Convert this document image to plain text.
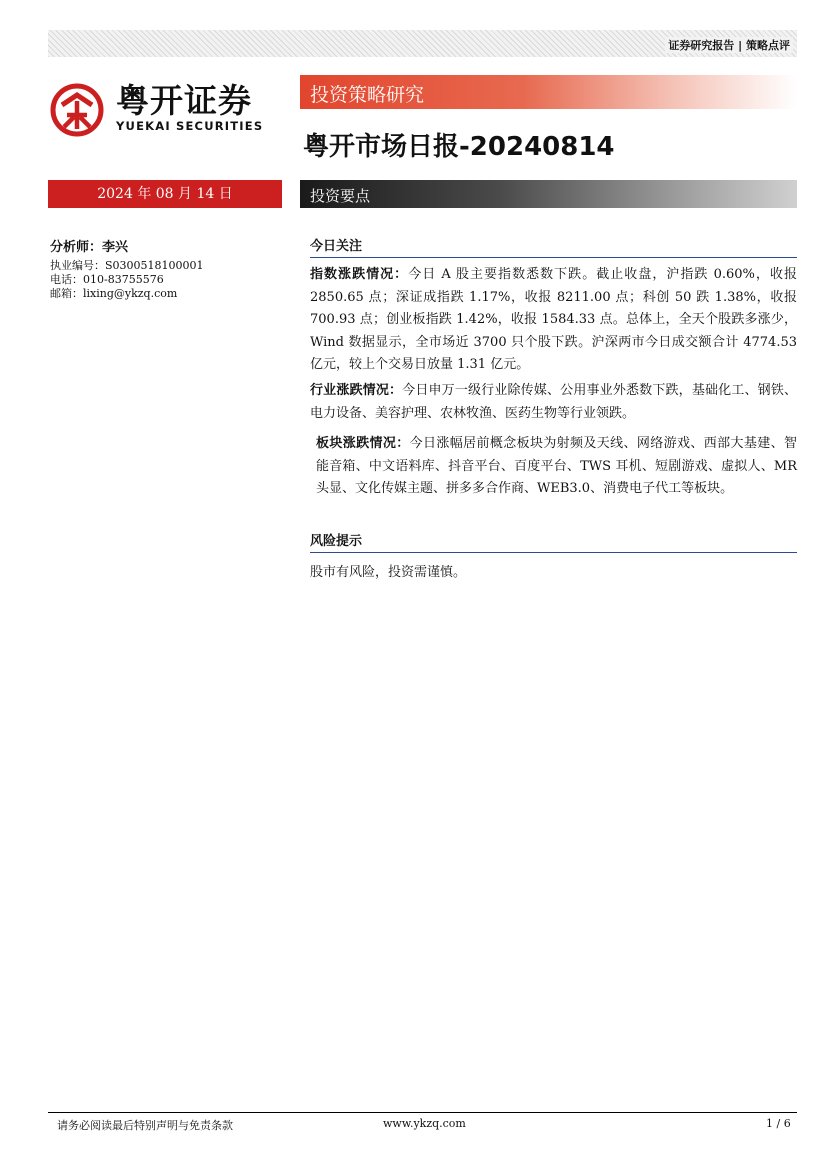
证券研究报告 | 策略点评
粤开证券
YUEKAI SECURITIES
投资策略研究
粤开市场日报-20240814
2024 年 08 月 14 日	投资要点
分析师：李兴
执业编号：S0300518100001
电话：010-83755576
邮箱：lixing@ykzq.com
今日关注
指数涨跌情况：今日 A 股主要指数悉数下跌。截止收盘，沪指跌 0.60%，收报 2850.65 点；深证成指跌 1.17%，收报 8211.00 点；科创 50 跌 1.38%，收报 700.93 点；创业板指跌 1.42%，收报 1584.33 点。总体上，全天个股跌多涨少，Wind 数据显示，全市场近 3700 只个股下跌。沪深两市今日成交额合计 4774.53 亿元，较上个交易日放量 1.31 亿元。
行业涨跌情况：今日申万一级行业除传媒、公用事业外悉数下跌，基础化工、钢铁、电力设备、美容护理、农林牧渔、医药生物等行业领跌。
板块涨跌情况：今日涨幅居前概念板块为射频及天线、网络游戏、西部大基建、智能音箱、中文语料库、抖音平台、百度平台、TWS 耳机、短剧游戏、虚拟人、MR 头显、文化传媒主题、拼多多合作商、WEB3.0、消费电子代工等板块。
风险提示
股市有风险，投资需谨慎。
请务必阅读最后特别声明与免责条款	www.ykzq.com	1 / 6
